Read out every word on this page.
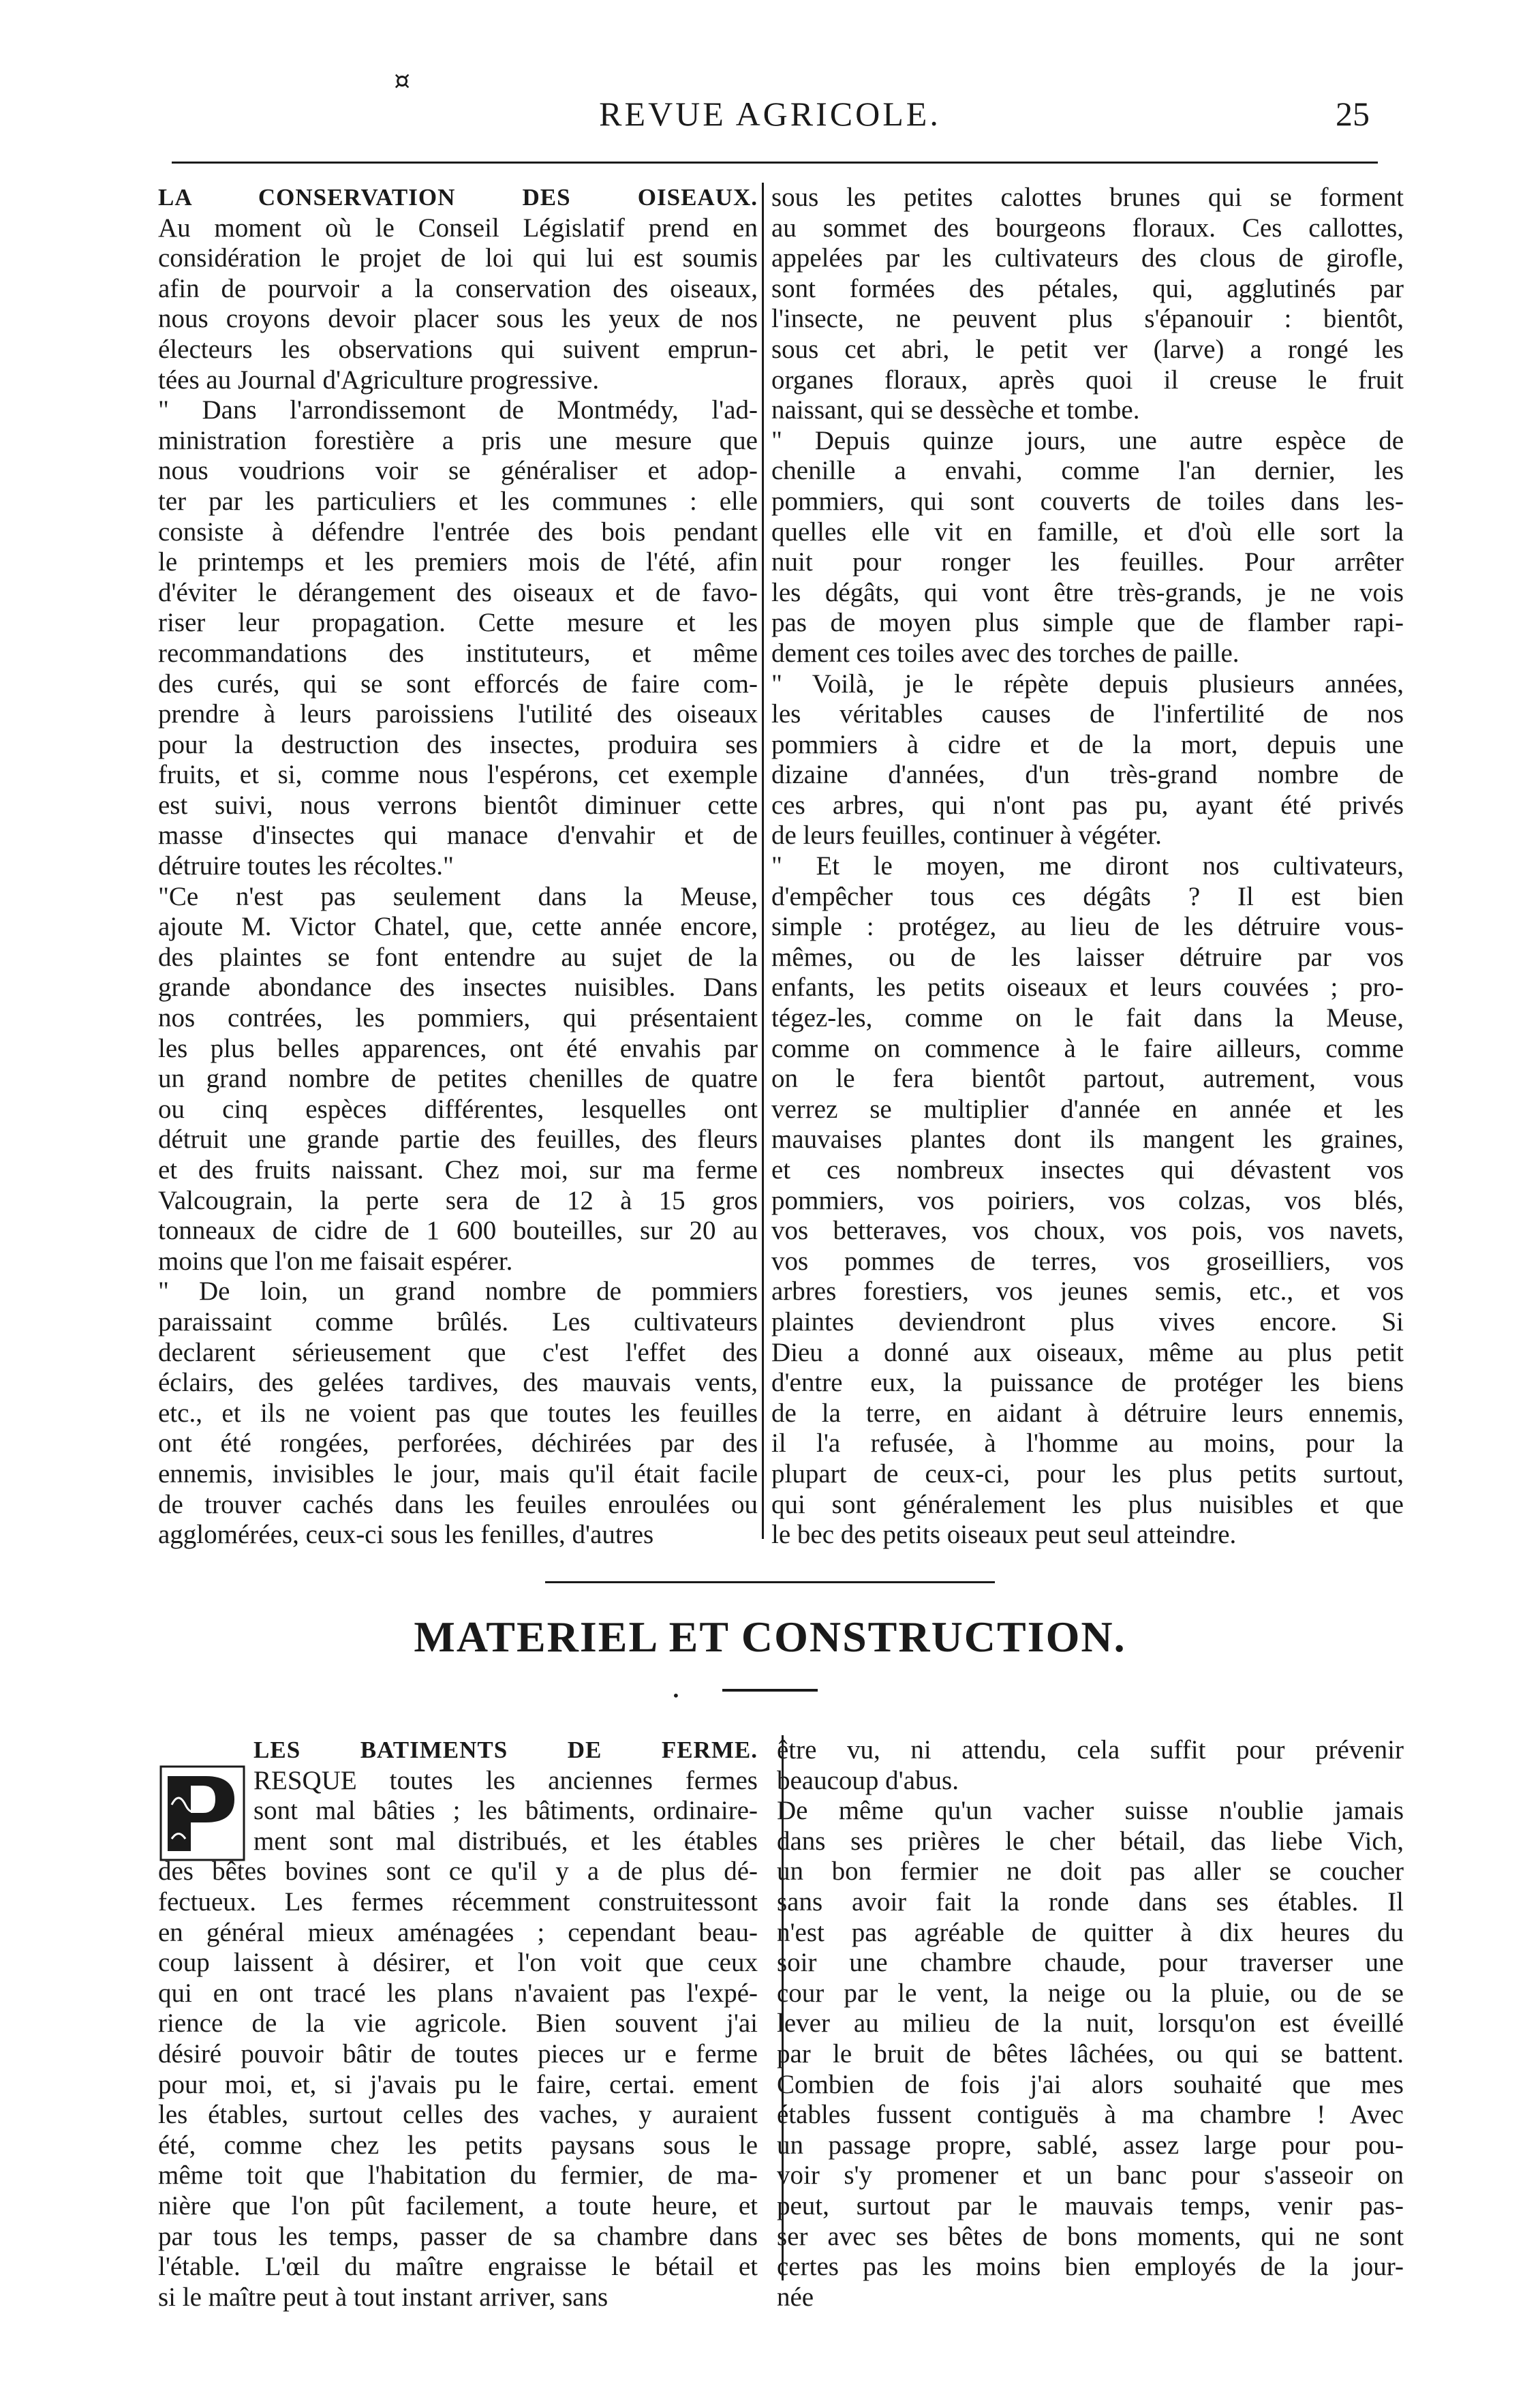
¤
REVUE AGRICOLE.	25
LA CONSERVATION DES OISEAUX.
Au moment où le Conseil Législatif prend en
considération le projet de loi qui lui est soumis
afin de pourvoir a la conservation des oiseaux,
nous croyons devoir placer sous les yeux de nos
électeurs les observations qui suivent emprun-
tées au Journal d'Agriculture progressive.
" Dans l'arrondissemont de Montmédy, l'ad-
ministration forestière a pris une mesure que
nous voudrions voir se généraliser et adop-
ter par les particuliers et les communes : elle
consiste à défendre l'entrée des bois pendant
le printemps et les premiers mois de l'été, afin
d'éviter le dérangement des oiseaux et de favo-
riser leur propagation. Cette mesure et les
recommandations des instituteurs, et même
des curés, qui se sont efforcés de faire com-
prendre à leurs paroissiens l'utilité des oiseaux
pour la destruction des insectes, produira ses
fruits, et si, comme nous l'espérons, cet exemple
est suivi, nous verrons bientôt diminuer cette
masse d'insectes qui manace d'envahir et de
détruire toutes les récoltes."
"Ce n'est pas seulement dans la Meuse,
ajoute M. Victor Chatel, que, cette année encore,
des plaintes se font entendre au sujet de la
grande abondance des insectes nuisibles. Dans
nos contrées, les pommiers, qui présentaient
les plus belles apparences, ont été envahis par
un grand nombre de petites chenilles de quatre
ou cinq espèces différentes, lesquelles ont
détruit une grande partie des feuilles, des fleurs
et des fruits naissant. Chez moi, sur ma ferme
Valcougrain, la perte sera de 12 à 15 gros
tonneaux de cidre de 1 600 bouteilles, sur 20 au
moins que l'on me faisait espérer.
" De loin, un grand nombre de pommiers
paraissaint comme brûlés. Les cultivateurs
declarent sérieusement que c'est l'effet des
éclairs, des gelées tardives, des mauvais vents,
etc., et ils ne voient pas que toutes les feuilles
ont été rongées, perforées, déchirées par des
ennemis, invisibles le jour, mais qu'il était facile
de trouver cachés dans les feuiles enroulées ou
agglomérées, ceux-ci sous les fenilles, d'autres
sous les petites calottes brunes qui se forment
au sommet des bourgeons floraux. Ces callottes,
appelées par les cultivateurs des clous de girofle,
sont formées des pétales, qui, agglutinés par
l'insecte, ne peuvent plus s'épanouir : bientôt,
sous cet abri, le petit ver (larve) a rongé les
organes floraux, après quoi il creuse le fruit
naissant, qui se dessèche et tombe.
" Depuis quinze jours, une autre espèce de
chenille a envahi, comme l'an dernier, les
pommiers, qui sont couverts de toiles dans les-
quelles elle vit en famille, et d'où elle sort la
nuit pour ronger les feuilles. Pour arrêter
les dégâts, qui vont être très-grands, je ne vois
pas de moyen plus simple que de flamber rapi-
dement ces toiles avec des torches de paille.
" Voilà, je le répète depuis plusieurs années,
les véritables causes de l'infertilité de nos
pommiers à cidre et de la mort, depuis une
dizaine d'années, d'un très-grand nombre de
ces arbres, qui n'ont pas pu, ayant été privés
de leurs feuilles, continuer à végéter.
" Et le moyen, me diront nos cultivateurs,
d'empêcher tous ces dégâts ? Il est bien
simple : protégez, au lieu de les détruire vous-
mêmes, ou de les laisser détruire par vos
enfants, les petits oiseaux et leurs couvées ; pro-
tégez-les, comme on le fait dans la Meuse,
comme on commence à le faire ailleurs, comme
on le fera bientôt partout, autrement, vous
verrez se multiplier d'année en année et les
mauvaises plantes dont ils mangent les graines,
et ces nombreux insectes qui dévastent vos
pommiers, vos poiriers, vos colzas, vos blés,
vos betteraves, vos choux, vos pois, vos navets,
vos pommes de terres, vos groseilliers, vos
arbres forestiers, vos jeunes semis, etc., et vos
plaintes deviendront plus vives encore. Si
Dieu a donné aux oiseaux, même au plus petit
d'entre eux, la puissance de protéger les biens
de la terre, en aidant à détruire leurs ennemis,
il l'a refusée, à l'homme au moins, pour la
plupart de ceux-ci, pour les plus petits surtout,
qui sont généralement les plus nuisibles et que
le bec des petits oiseaux peut seul atteindre.
MATERIEL ET CONSTRUCTION.
•
LES BATIMENTS DE FERME.
RESQUE toutes les anciennes fermes
sont mal bâties ; les bâtiments, ordinaire-
ment sont mal distribués, et les étables
des bêtes bovines sont ce qu'il y a de plus dé-
fectueux. Les fermes récemment construitessont
en général mieux aménagées ; cependant beau-
coup laissent à désirer, et l'on voit que ceux
qui en ont tracé les plans n'avaient pas l'expé-
rience de la vie agricole. Bien souvent j'ai
désiré pouvoir bâtir de toutes pieces ur e ferme
pour moi, et, si j'avais pu le faire, certai. ement
les étables, surtout celles des vaches, y auraient
été, comme chez les petits paysans sous le
même toit que l'habitation du fermier, de ma-
nière que l'on pût facilement, a toute heure, et
par tous les temps, passer de sa chambre dans
l'étable. L'œil du maître engraisse le bétail et
si le maître peut à tout instant arriver, sans
être vu, ni attendu, cela suffit pour prévenir
beaucoup d'abus.
De même qu'un vacher suisse n'oublie jamais
dans ses prières le cher bétail, das liebe Vich,
un bon fermier ne doit pas aller se coucher
sans avoir fait la ronde dans ses étables. Il
n'est pas agréable de quitter à dix heures du
soir une chambre chaude, pour traverser une
cour par le vent, la neige ou la pluie, ou de se
lever au milieu de la nuit, lorsqu'on est éveillé
par le bruit de bêtes lâchées, ou qui se battent.
Combien de fois j'ai alors souhaité que mes
étables fussent contiguës à ma chambre ! Avec
un passage propre, sablé, assez large pour pou-
voir s'y promener et un banc pour s'asseoir on
peut, surtout par le mauvais temps, venir pas-
ser avec ses bêtes de bons moments, qui ne sont
certes pas les moins bien employés de la jour-
née
